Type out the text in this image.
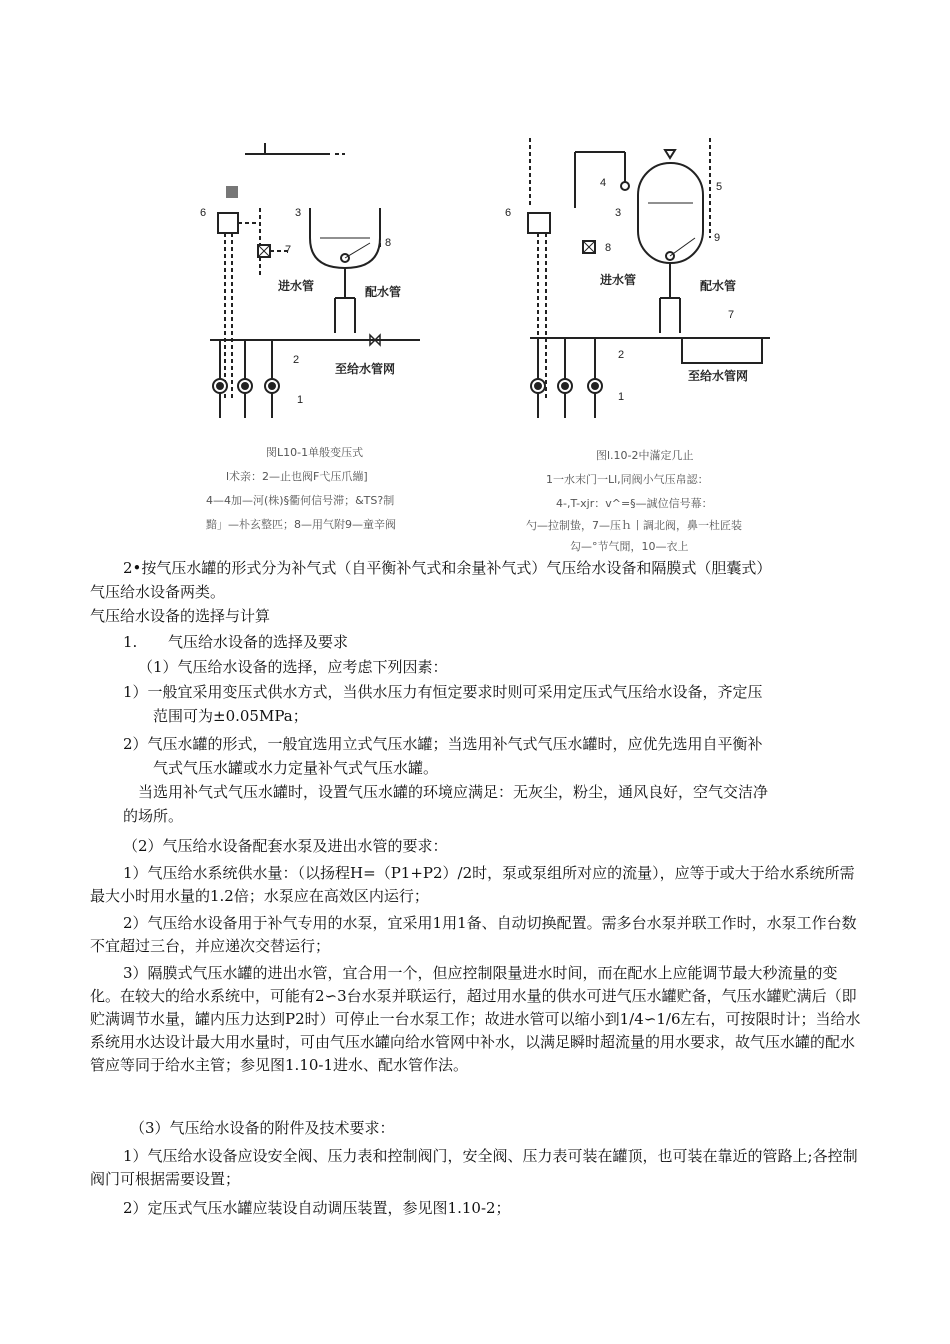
6	3
8
7
2
1
进水管	配水管
至给水管网
閔L10-1单般变压式
l术亲：2—止也阀F弋压爪繃]
4—4加—河(株)§衢何信号滞；&TS?制
黯」—朴玄整匹；8—用气附9—童辛阀
4	5
6	3
8
9
7
2
1
进水管	配水管
至给水管网
图l.10-2中滿定几止
1一水末门一Ll,同阀小气压帛認：
4-,T-xjr：v^=§—誠位信号幕：
勺—拉制蛰，7—压ｈ丨調北阀，鼻一杜匠装
勾—°节气閒，10—衣上
2•按气压水罐的形式分为补气式（自平衡补气式和余量补气式）气压给水设备和隔膜式（胆囊式）
气压给水设备两类。
气压给水设备的选择与计算
1. 气压给水设备的选择及要求
（1）气压给水设备的选择，应考虑下列因素：
1）一般宜采用变压式供水方式，当供水压力有恒定要求时则可采用定压式气压给水设备，齐定压
范围可为±0.05MPa；
2）气压水罐的形式，一般宜选用立式气压水罐；当选用补气式气压水罐时，应优先选用自平衡补
气式气压水罐或水力定量补气式气压水罐。
当选用补气式气压水罐时，设置气压水罐的环境应满足：无灰尘，粉尘，通风良好，空气交洁净
的场所。
（2）气压给水设备配套水泵及进出水管的要求：
1）气压给水系统供水量：（以扬程H=（P1+P2）/2时，泵或泵组所对应的流量），应等于或大于给水系统所需最大小时用水量的1.2倍；水泵应在高效区内运行；
2）气压给水设备用于补气专用的水泵，宜采用1用1备、自动切换配置。需多台水泵并联工作时，水泵工作台数不宜超过三台，并应递次交替运行；
3）隔膜式气压水罐的进出水管，宜合用一个，但应控制限量进水时间，而在配水上应能调节最大秒流量的变化。在较大的给水系统中，可能有2∽3台水泵并联运行，超过用水量的供水可进气压水罐贮备，气压水罐贮满后（即贮满调节水量，罐内压力达到P2时）可停止一台水泵工作；故进水管可以缩小到1/4∽1/6左右，可按限时计；当给水系统用水达设计最大用水量时，可由气压水罐向给水管网中补水，以满足瞬时超流量的用水要求，故气压水罐的配水管应等同于给水主管；参见图1.10-1进水、配水管作法。
（3）气压给水设备的附件及技术要求：
1）气压给水设备应设安全阀、压力表和控制阀门，安全阀、压力表可装在罐顶，也可装在靠近的管路上;各控制阀门可根据需要设置；
2）定压式气压水罐应装设自动调压装置，参见图1.10-2；
